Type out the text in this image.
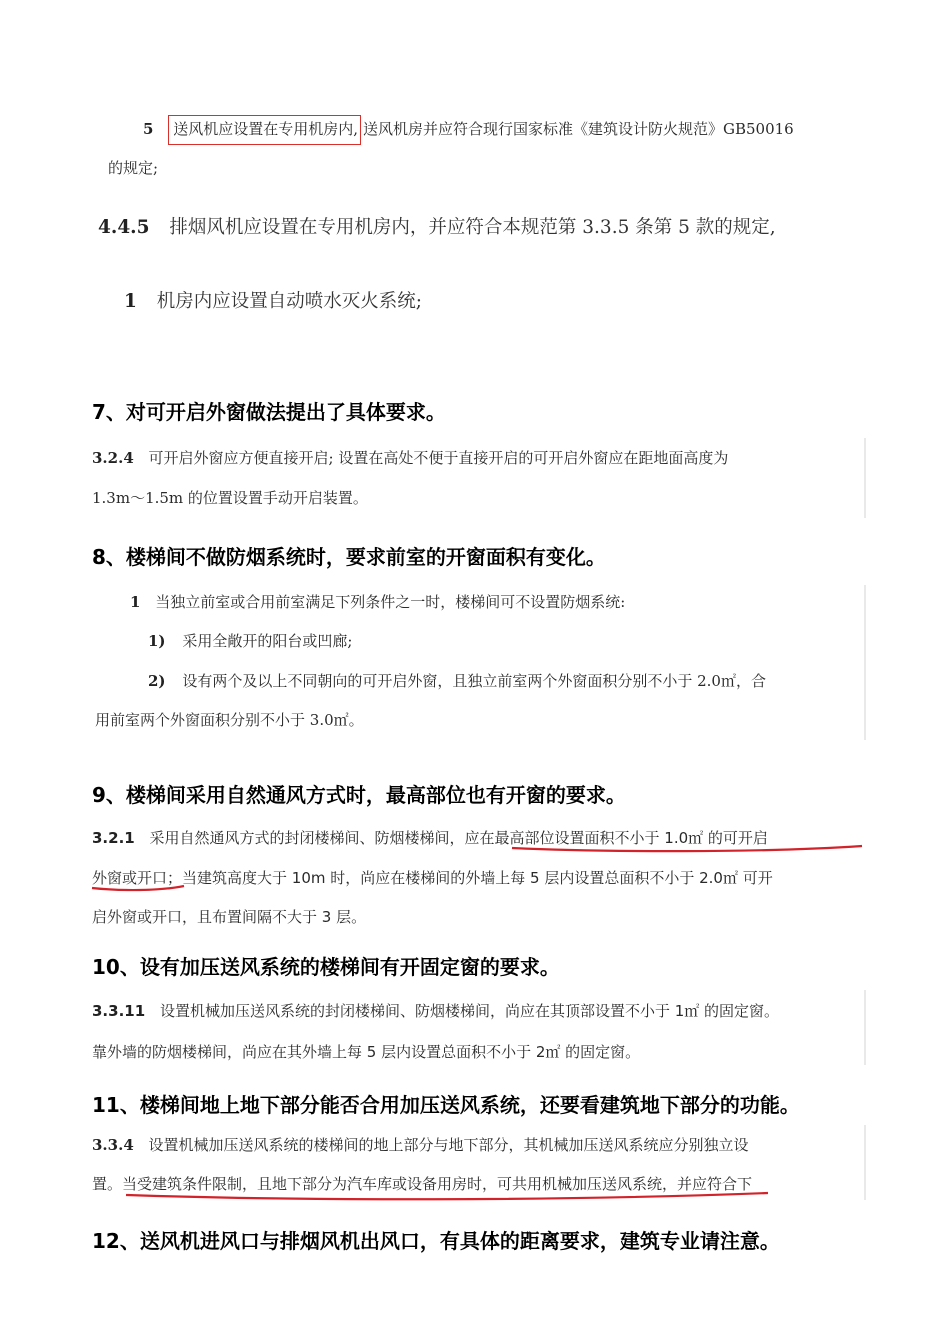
5 送风机应设置在专用机房内, 送风机房并应符合现行国家标准《建筑设计防火规范》GB50016
的规定;
4.4.5 排烟风机应设置在专用机房内，并应符合本规范第 3.3.5 条第 5 款的规定,
1 机房内应设置自动喷水灭火系统;
7、对可开启外窗做法提出了具体要求。
3.2.4 可开启外窗应方便直接开启; 设置在高处不便于直接开启的可开启外窗应在距地面高度为
1.3m～1.5m 的位置设置手动开启装置。
8、楼梯间不做防烟系统时，要求前室的开窗面积有变化。
1 当独立前室或合用前室满足下列条件之一时，楼梯间可不设置防烟系统:
1) 采用全敞开的阳台或凹廊;
2) 设有两个及以上不同朝向的可开启外窗，且独立前室两个外窗面积分别不小于 2.0㎡，合
用前室两个外窗面积分别不小于 3.0㎡。
9、楼梯间采用自然通风方式时，最高部位也有开窗的要求。
3.2.1 采用自然通风方式的封闭楼梯间、防烟楼梯间，应在最高部位设置面积不小于 1.0㎡ 的可开启
外窗或开口；当建筑高度大于 10m 时，尚应在楼梯间的外墙上每 5 层内设置总面积不小于 2.0㎡ 可开
启外窗或开口，且布置间隔不大于 3 层。
10、设有加压送风系统的楼梯间有开固定窗的要求。
3.3.11 设置机械加压送风系统的封闭楼梯间、防烟楼梯间，尚应在其顶部设置不小于 1㎡ 的固定窗。
靠外墙的防烟楼梯间，尚应在其外墙上每 5 层内设置总面积不小于 2㎡ 的固定窗。
11、楼梯间地上地下部分能否合用加压送风系统，还要看建筑地下部分的功能。
3.3.4 设置机械加压送风系统的楼梯间的地上部分与地下部分，其机械加压送风系统应分别独立设
置。当受建筑条件限制，且地下部分为汽车库或设备用房时，可共用机械加压送风系统，并应符合下
12、送风机进风口与排烟风机出风口，有具体的距离要求，建筑专业请注意。
